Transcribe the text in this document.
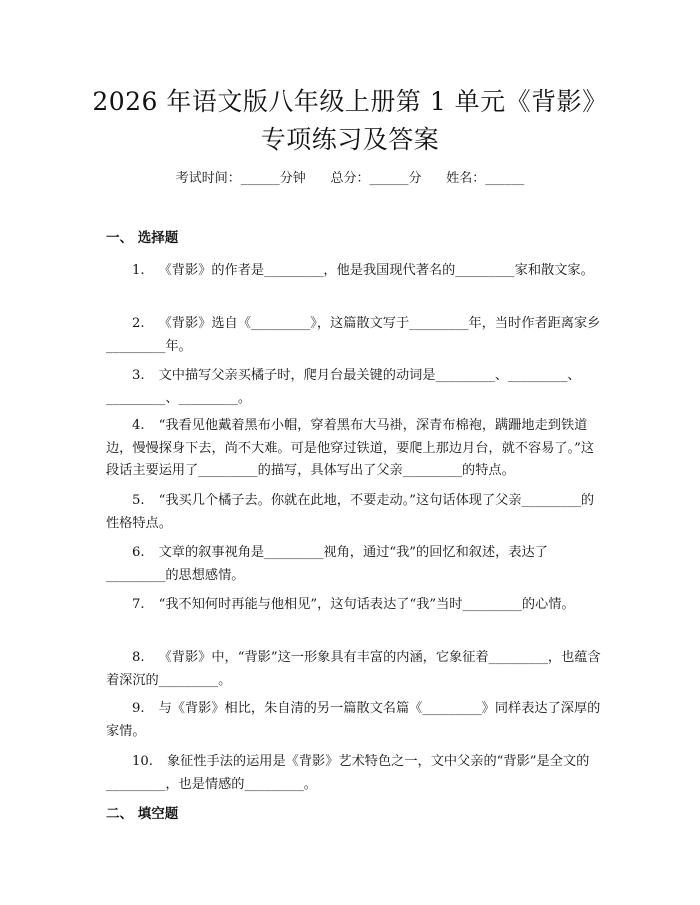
2026 年语文版八年级上册第 1 单元《背影》
专项练习及答案
考试时间：______分钟      总分：______分      姓名：______
一、 选择题
1. 《背影》的作者是_________，他是我国现代著名的_________家和散文家。
2. 《背影》选自《_________》，这篇散文写于_________年，当时作者距离家乡_________年。
3. 文中描写父亲买橘子时，爬月台最关键的动词是_________、_________、_________、_________。
4. “我看见他戴着黑布小帽，穿着黑布大马褂，深青布棉袍，蹒跚地走到铁道边，慢慢探身下去，尚不大难。可是他穿过铁道，要爬上那边月台，就不容易了。”这段话主要运用了_________的描写，具体写出了父亲_________的特点。
5. “我买几个橘子去。你就在此地，不要走动。”这句话体现了父亲_________的性格特点。
6. 文章的叙事视角是_________视角，通过“我”的回忆和叙述，表达了_________的思想感情。
7. “我不知何时再能与他相见”，这句话表达了“我”当时_________的心情。
8. 《背影》中，“背影”这一形象具有丰富的内涵，它象征着_________，也蕴含着深沉的_________。
9. 与《背影》相比，朱自清的另一篇散文名篇《_________》同样表达了深厚的家情。
10. 象征性手法的运用是《背影》艺术特色之一，文中父亲的“背影”是全文的_________，也是情感的_________。
二、 填空题
